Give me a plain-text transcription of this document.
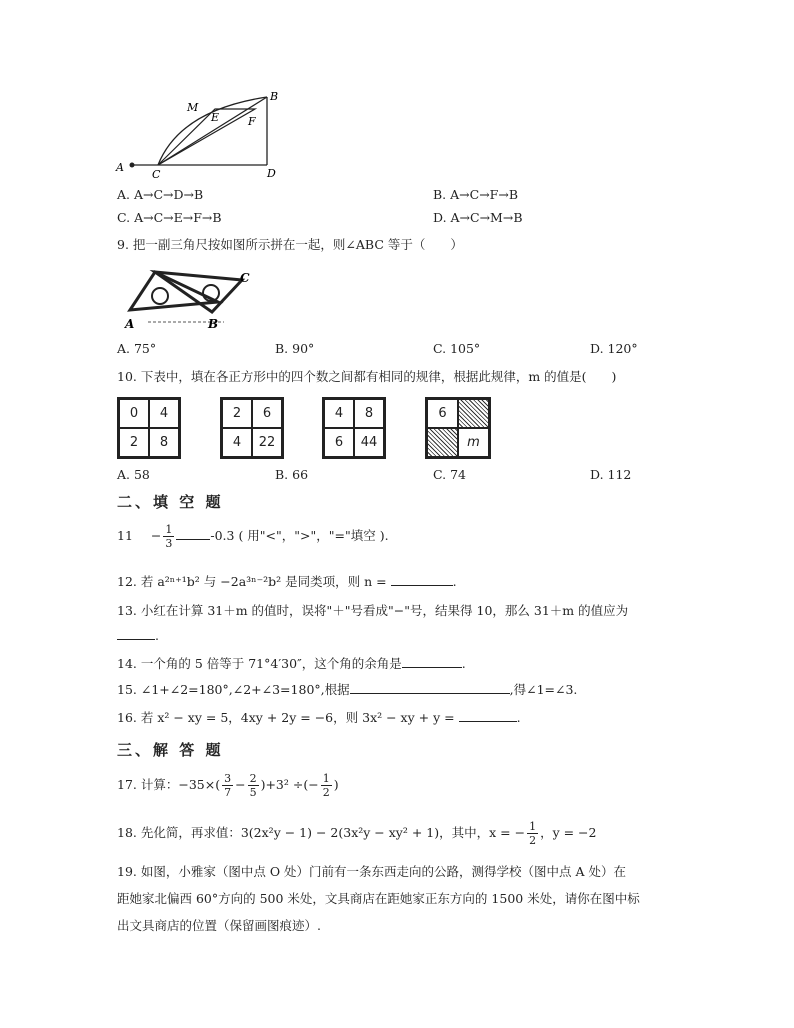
M
B
E	F
A
C	D
A. A→C→D→B	B. A→C→F→B
C. A→C→E→F→B	D. A→C→M→B
9. 把一副三角尺按如图所示拼在一起，则∠ABC 等于（　　）
A	B
C
A. 75°	B. 90°	C. 105°	D. 120°
10. 下表中，填在各正方形中的四个数之间都有相同的规律，根据此规律，m 的值是(　　)
0	4
2	8
2	6
4	22
4	8
6	44
6
m
A. 58	B. 66	C. 74	D. 112
二、填 空 题
$11 - \frac{1}{3}$	-0.3 ( 用"<"，">"，"="填空 ).
12. 若 a²ⁿ⁺¹b² 与 −2a³ⁿ⁻²b² 是同类项，则 n =	.
13. 小红在计算 31＋m 的值时，误将"＋"号看成"−"号，结果得 10，那么 31＋m 的值应为
.
14. 一个角的 5 倍等于 71°4′30″，这个角的余角是	.
15. ∠1+∠2=180°,∠2+∠3=180°,根据	,得∠1=∠3.
16. 若 x² − xy = 5，4xy + 2y = −6，则 3x² − xy + y =	.
三、解 答 题
17. 计算：$-35\times( \frac{3}{7} - \frac{2}{5} )+3^2$ ÷(− $\frac{1}{2}$ )
18. 先化简，再求值：3(2x²y − 1) − 2(3x²y − xy² + 1)，其中，x = − $\frac{1}{2}$ ，y = −2
19. 如图，小雅家（图中点 O 处）门前有一条东西走向的公路，测得学校（图中点 A 处）在
距她家北偏西 60°方向的 500 米处，文具商店在距她家正东方向的 1500 米处，请你在图中标
出文具商店的位置（保留画图痕迹）.
